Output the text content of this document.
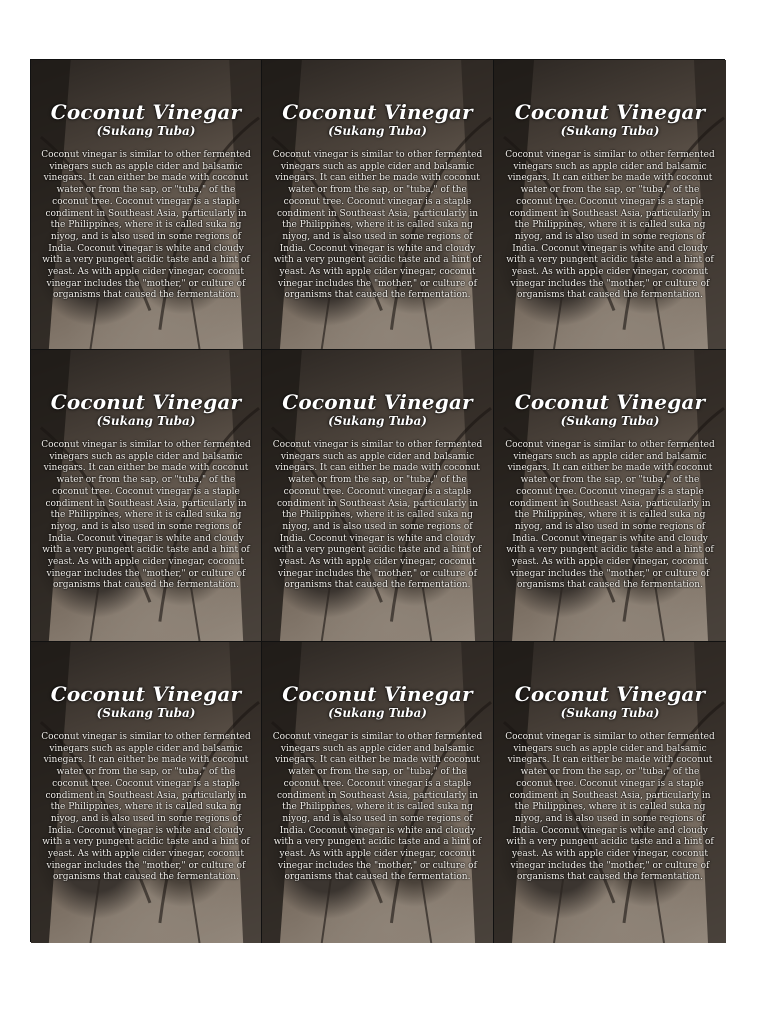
Coconut Vinegar
(Sukang Tuba)
Coconut vinegar is similar to other fermented vinegars such as apple cider and balsamic vinegars. It can either be made with coconut water or from the sap, or "tuba," of the coconut tree. Coconut vinegar is a staple condiment in Southeast Asia, particularly in the Philippines, where it is called suka ng niyog, and is also used in some regions of India. Coconut vinegar is white and cloudy with a very pungent acidic taste and a hint of yeast. As with apple cider vinegar, coconut vinegar includes the "mother," or culture of organisms that caused the fermentation.
Coconut Vinegar
(Sukang Tuba)
Coconut vinegar is similar to other fermented vinegars such as apple cider and balsamic vinegars. It can either be made with coconut water or from the sap, or "tuba," of the coconut tree. Coconut vinegar is a staple condiment in Southeast Asia, particularly in the Philippines, where it is called suka ng niyog, and is also used in some regions of India. Coconut vinegar is white and cloudy with a very pungent acidic taste and a hint of yeast. As with apple cider vinegar, coconut vinegar includes the "mother," or culture of organisms that caused the fermentation.
Coconut Vinegar
(Sukang Tuba)
Coconut vinegar is similar to other fermented vinegars such as apple cider and balsamic vinegars. It can either be made with coconut water or from the sap, or "tuba," of the coconut tree. Coconut vinegar is a staple condiment in Southeast Asia, particularly in the Philippines, where it is called suka ng niyog, and is also used in some regions of India. Coconut vinegar is white and cloudy with a very pungent acidic taste and a hint of yeast. As with apple cider vinegar, coconut vinegar includes the "mother," or culture of organisms that caused the fermentation.
Coconut Vinegar
(Sukang Tuba)
Coconut vinegar is similar to other fermented vinegars such as apple cider and balsamic vinegars. It can either be made with coconut water or from the sap, or "tuba," of the coconut tree. Coconut vinegar is a staple condiment in Southeast Asia, particularly in the Philippines, where it is called suka ng niyog, and is also used in some regions of India. Coconut vinegar is white and cloudy with a very pungent acidic taste and a hint of yeast. As with apple cider vinegar, coconut vinegar includes the "mother," or culture of organisms that caused the fermentation.
Coconut Vinegar
(Sukang Tuba)
Coconut vinegar is similar to other fermented vinegars such as apple cider and balsamic vinegars. It can either be made with coconut water or from the sap, or "tuba," of the coconut tree. Coconut vinegar is a staple condiment in Southeast Asia, particularly in the Philippines, where it is called suka ng niyog, and is also used in some regions of India. Coconut vinegar is white and cloudy with a very pungent acidic taste and a hint of yeast. As with apple cider vinegar, coconut vinegar includes the "mother," or culture of organisms that caused the fermentation.
Coconut Vinegar
(Sukang Tuba)
Coconut vinegar is similar to other fermented vinegars such as apple cider and balsamic vinegars. It can either be made with coconut water or from the sap, or "tuba," of the coconut tree. Coconut vinegar is a staple condiment in Southeast Asia, particularly in the Philippines, where it is called suka ng niyog, and is also used in some regions of India. Coconut vinegar is white and cloudy with a very pungent acidic taste and a hint of yeast. As with apple cider vinegar, coconut vinegar includes the "mother," or culture of organisms that caused the fermentation.
Coconut Vinegar
(Sukang Tuba)
Coconut vinegar is similar to other fermented vinegars such as apple cider and balsamic vinegars. It can either be made with coconut water or from the sap, or "tuba," of the coconut tree. Coconut vinegar is a staple condiment in Southeast Asia, particularly in the Philippines, where it is called suka ng niyog, and is also used in some regions of India. Coconut vinegar is white and cloudy with a very pungent acidic taste and a hint of yeast. As with apple cider vinegar, coconut vinegar includes the "mother," or culture of organisms that caused the fermentation.
Coconut Vinegar
(Sukang Tuba)
Coconut vinegar is similar to other fermented vinegars such as apple cider and balsamic vinegars. It can either be made with coconut water or from the sap, or "tuba," of the coconut tree. Coconut vinegar is a staple condiment in Southeast Asia, particularly in the Philippines, where it is called suka ng niyog, and is also used in some regions of India. Coconut vinegar is white and cloudy with a very pungent acidic taste and a hint of yeast. As with apple cider vinegar, coconut vinegar includes the "mother," or culture of organisms that caused the fermentation.
Coconut Vinegar
(Sukang Tuba)
Coconut vinegar is similar to other fermented vinegars such as apple cider and balsamic vinegars. It can either be made with coconut water or from the sap, or "tuba," of the coconut tree. Coconut vinegar is a staple condiment in Southeast Asia, particularly in the Philippines, where it is called suka ng niyog, and is also used in some regions of India. Coconut vinegar is white and cloudy with a very pungent acidic taste and a hint of yeast. As with apple cider vinegar, coconut vinegar includes the "mother," or culture of organisms that caused the fermentation.
